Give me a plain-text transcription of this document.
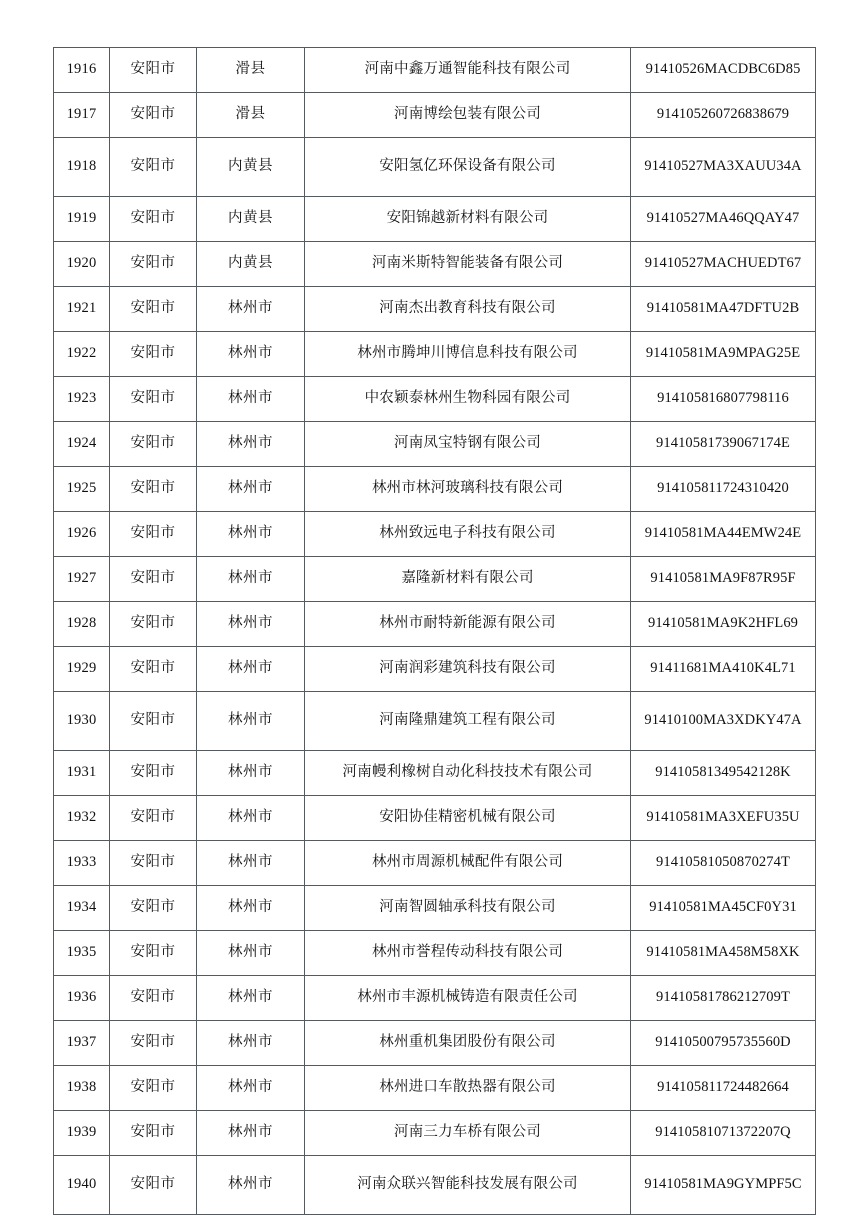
1916	安阳市	滑县	河南中鑫万通智能科技有限公司	91410526MACDBC6D85
1917	安阳市	滑县	河南博绘包装有限公司	914105260726838679
1918	安阳市	内黄县	安阳氢亿环保设备有限公司	91410527MA3XAUU34A
1919	安阳市	内黄县	安阳锦越新材料有限公司	91410527MA46QQAY47
1920	安阳市	内黄县	河南米斯特智能装备有限公司	91410527MACHUEDT67
1921	安阳市	林州市	河南杰出教育科技有限公司	91410581MA47DFTU2B
1922	安阳市	林州市	林州市腾坤川博信息科技有限公司	91410581MA9MPAG25E
1923	安阳市	林州市	中农颖泰林州生物科园有限公司	914105816807798116
1924	安阳市	林州市	河南凤宝特钢有限公司	91410581739067174E
1925	安阳市	林州市	林州市林河玻璃科技有限公司	914105811724310420
1926	安阳市	林州市	林州致远电子科技有限公司	91410581MA44EMW24E
1927	安阳市	林州市	嘉隆新材料有限公司	91410581MA9F87R95F
1928	安阳市	林州市	林州市耐特新能源有限公司	91410581MA9K2HFL69
1929	安阳市	林州市	河南润彩建筑科技有限公司	91411681MA410K4L71
1930	安阳市	林州市	河南隆鼎建筑工程有限公司	91410100MA3XDKY47A
1931	安阳市	林州市	河南幔利橡树自动化科技技术有限公司	91410581349542128K
1932	安阳市	林州市	安阳协佳精密机械有限公司	91410581MA3XEFU35U
1933	安阳市	林州市	林州市周源机械配件有限公司	91410581050870274T
1934	安阳市	林州市	河南智圆轴承科技有限公司	91410581MA45CF0Y31
1935	安阳市	林州市	林州市誉程传动科技有限公司	91410581MA458M58XK
1936	安阳市	林州市	林州市丰源机械铸造有限责任公司	91410581786212709T
1937	安阳市	林州市	林州重机集团股份有限公司	91410500795735560D
1938	安阳市	林州市	林州进口车散热器有限公司	914105811724482664
1939	安阳市	林州市	河南三力车桥有限公司	91410581071372207Q
1940	安阳市	林州市	河南众联兴智能科技发展有限公司	91410581MA9GYMPF5C
